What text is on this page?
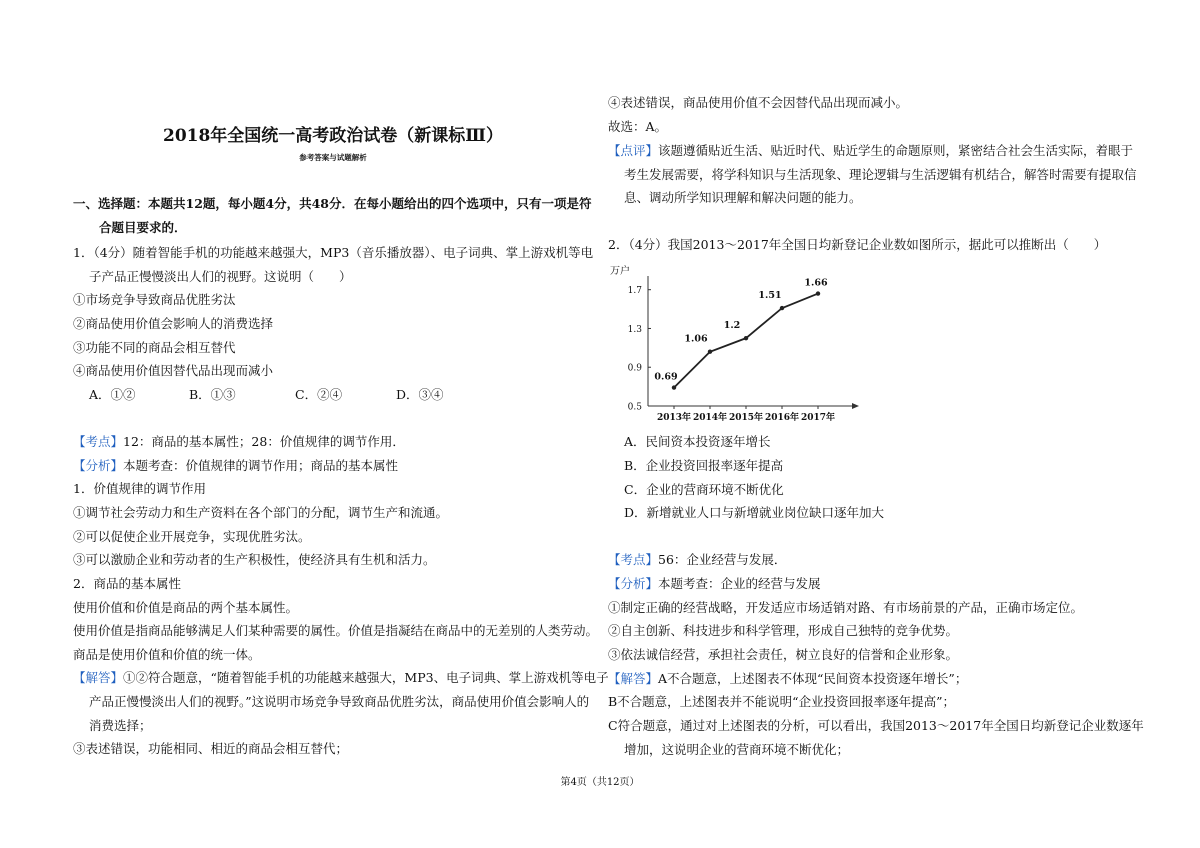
2018年全国统一高考政治试卷（新课标Ⅲ）
参考答案与试题解析
一、选择题：本题共12题，每小题4分，共48分．在每小题给出的四个选项中，只有一项是符
合题目要求的．
1．（4分）随着智能手机的功能越来越强大，MP3（音乐播放器）、电子词典、掌上游戏机等电
子产品正慢慢淡出人们的视野。这说明（　　）
①市场竞争导致商品优胜劣汰
②商品使用价值会影响人的消费选择
③功能不同的商品会相互替代
④商品使用价值因替代品出现而减小
A．①②	B．①③	C．②④	D．③④
【考点】12：商品的基本属性；28：价值规律的调节作用．
【分析】本题考查：价值规律的调节作用；商品的基本属性
1．价值规律的调节作用
①调节社会劳动力和生产资料在各个部门的分配，调节生产和流通。
②可以促使企业开展竞争，实现优胜劣汰。
③可以激励企业和劳动者的生产积极性，使经济具有生机和活力。
2．商品的基本属性
使用价值和价值是商品的两个基本属性。
使用价值是指商品能够满足人们某种需要的属性。价值是指凝结在商品中的无差别的人类劳动。
商品是使用价值和价值的统一体。
【解答】①②符合题意，“随着智能手机的功能越来越强大，MP3、电子词典、掌上游戏机等电子
产品正慢慢淡出人们的视野。”这说明市场竞争导致商品优胜劣汰，商品使用价值会影响人的
消费选择；
③表述错误，功能相同、相近的商品会相互替代；
④表述错误，商品使用价值不会因替代品出现而减小。
故选：A。
【点评】该题遵循贴近生活、贴近时代、贴近学生的命题原则，紧密结合社会生活实际，着眼于
考生发展需要，将学科知识与生活现象、理论逻辑与生活逻辑有机结合，解答时需要有提取信
息、调动所学知识理解和解决问题的能力。
2．（4分）我国2013～2017年全国日均新登记企业数如图所示，据此可以推断出（　　）
A．民间资本投资逐年增长
B．企业投资回报率逐年提高
C．企业的营商环境不断优化
D．新增就业人口与新增就业岗位缺口逐年加大
【考点】56：企业经营与发展．
【分析】本题考查：企业的经营与发展
①制定正确的经营战略，开发适应市场适销对路、有市场前景的产品，正确市场定位。
②自主创新、科技进步和科学管理，形成自己独特的竞争优势。
③依法诚信经营，承担社会责任，树立良好的信誉和企业形象。
【解答】A不合题意，上述图表不体现“民间资本投资逐年增长”；
B不合题意，上述图表并不能说明“企业投资回报率逐年提高”；
C符合题意，通过对上述图表的分析，可以看出，我国2013～2017年全国日均新登记企业数逐年
增加，这说明企业的营商环境不断优化；
万户
0.5
0.9
1.3
1.7
2013年 2014年 2015年 2016年 2017年
0.69
1.06
1.2
1.51
1.66
第4页（共12页）
